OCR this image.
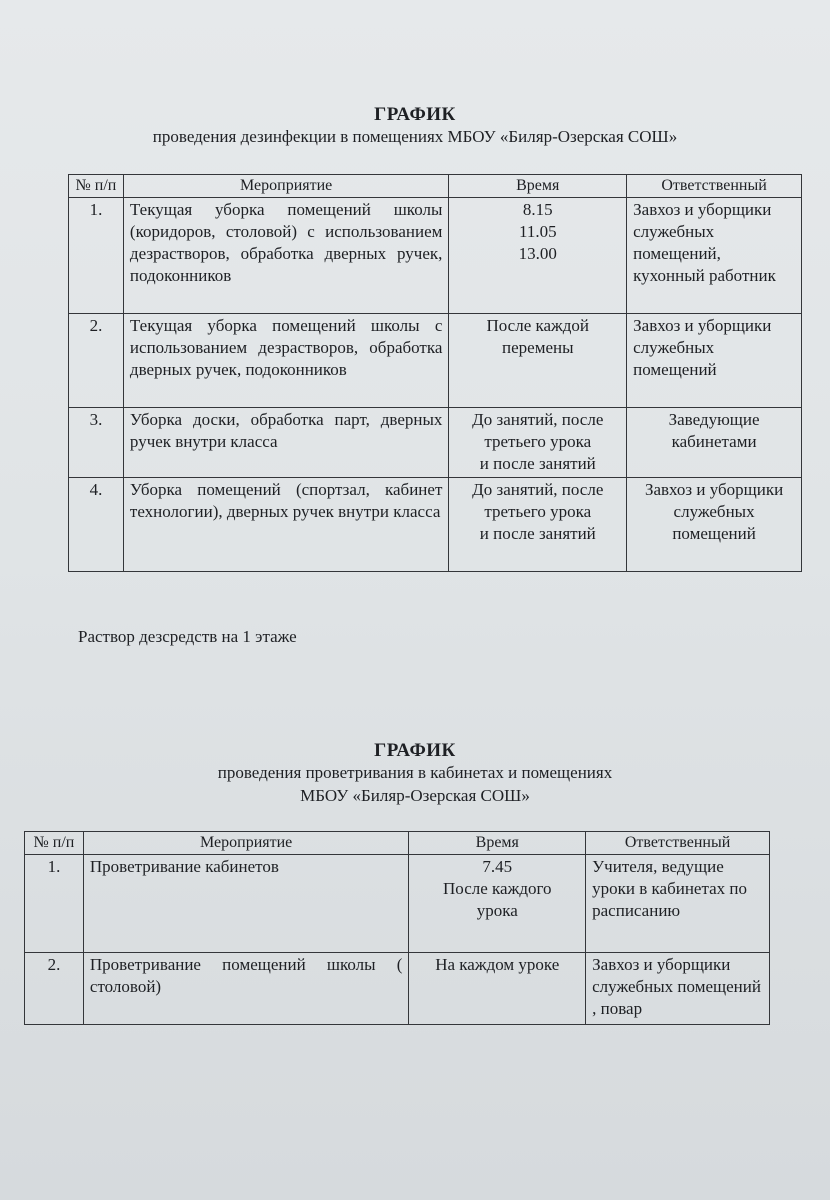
ГРАФИК
проведения дезинфекции в помещениях МБОУ «Биляр-Озерская СОШ»
№ п/п	Мероприятие	Время	Ответственный
1.	Текущая уборка помещений школы (коридоров, столовой) с использованием дезрастворов, обработка дверных ручек, подоконников	8.15
11.05
13.00	Завхоз и уборщики служебных помещений, кухонный работник
2.	Текущая уборка помещений школы с использованием дезрастворов, обработка дверных ручек, подоконников	После каждой
перемены	Завхоз и уборщики служебных помещений
3.	Уборка доски, обработка парт, дверных ручек внутри класса	До занятий, после
третьего урока
и после занятий	Заведующие кабинетами
4.	Уборка помещений (спортзал, кабинет технологии), дверных ручек внутри класса	До занятий, после
третьего урока
и после занятий	Завхоз и уборщики служебных помещений
Раствор дезсредств на 1 этаже
ГРАФИК
проведения проветривания в кабинетах и помещениях
МБОУ «Биляр-Озерская СОШ»
№ п/п	Мероприятие	Время	Ответственный
1.	Проветривание кабинетов	7.45
После каждого
урока	Учителя, ведущие уроки в кабинетах по расписанию
2.	Проветривание помещений школы ( столовой)	На каждом уроке	Завхоз и уборщики служебных помещений , повар
